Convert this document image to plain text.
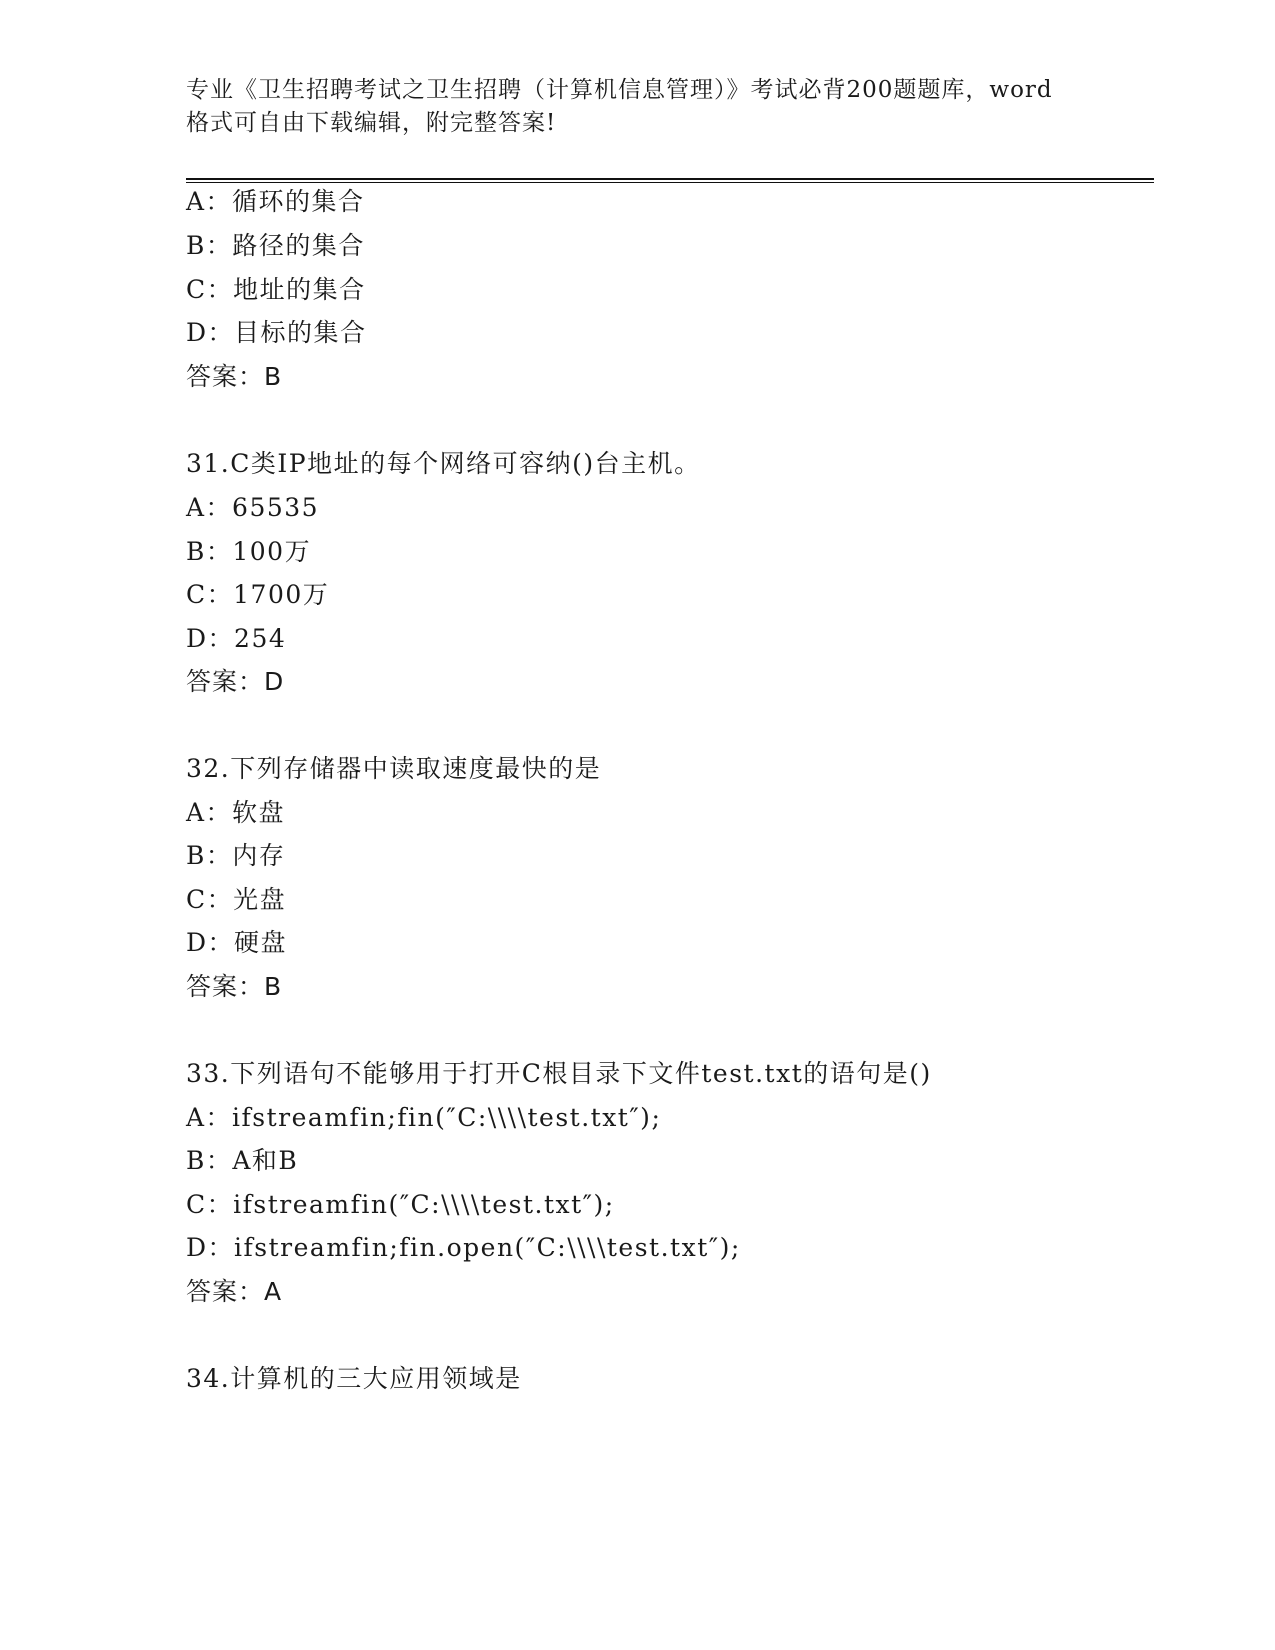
专业《卫生招聘考试之卫生招聘（计算机信息管理）》考试必背200题题库，word
格式可自由下载编辑，附完整答案!
A：循环的集合
B：路径的集合
C：地址的集合
D：目标的集合
答案：B
31.C类IP地址的每个网络可容纳()台主机。
A：65535
B：100万
C：1700万
D：254
答案：D
32.下列存储器中读取速度最快的是
A：软盘
B：内存
C：光盘
D：硬盘
答案：B
33.下列语句不能够用于打开C根目录下文件test.txt的语句是()
A：ifstreamfin;fin(″C:\\\\test.txt″);
B：A和B
C：ifstreamfin(″C:\\\\test.txt″);
D：ifstreamfin;fin.open(″C:\\\\test.txt″);
答案：A
34.计算机的三大应用领域是
